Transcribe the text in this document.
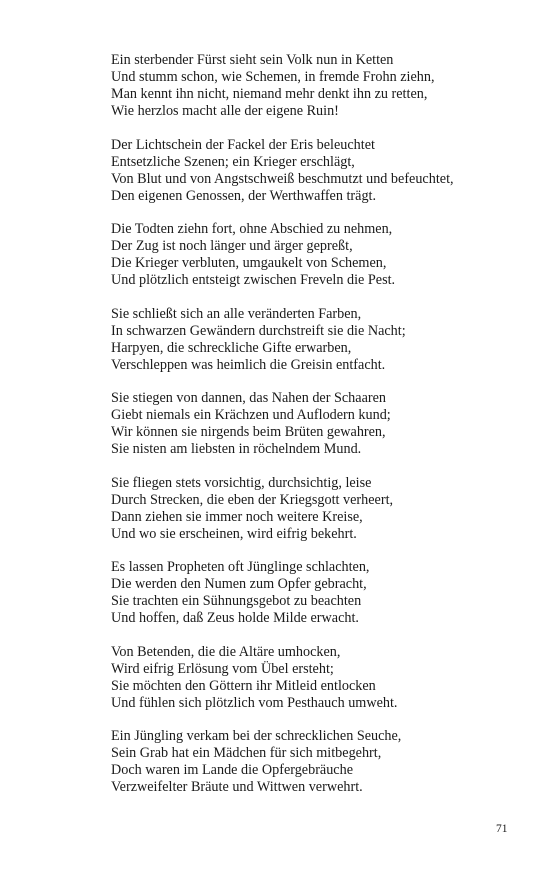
Ein sterbender Fürst sieht sein Volk nun in Ketten
Und stumm schon, wie Schemen, in fremde Frohn ziehn,
Man kennt ihn nicht, niemand mehr denkt ihn zu retten,
Wie herzlos macht alle der eigene Ruin!
Der Lichtschein der Fackel der Eris beleuchtet
Entsetzliche Szenen; ein Krieger erschlägt,
Von Blut und von Angstschweiß beschmutzt und befeuchtet,
Den eigenen Genossen, der Werthwaffen trägt.
Die Todten ziehn fort, ohne Abschied zu nehmen,
Der Zug ist noch länger und ärger gepreßt,
Die Krieger verbluten, umgaukelt von Schemen,
Und plötzlich entsteigt zwischen Freveln die Pest.
Sie schließt sich an alle veränderten Farben,
In schwarzen Gewändern durchstreift sie die Nacht;
Harpyen, die schreckliche Gifte erwarben,
Verschleppen was heimlich die Greisin entfacht.
Sie stiegen von dannen, das Nahen der Schaaren
Giebt niemals ein Krächzen und Auflodern kund;
Wir können sie nirgends beim Brüten gewahren,
Sie nisten am liebsten in röchelndem Mund.
Sie fliegen stets vorsichtig, durchsichtig, leise
Durch Strecken, die eben der Kriegsgott verheert,
Dann ziehen sie immer noch weitere Kreise,
Und wo sie erscheinen, wird eifrig bekehrt.
Es lassen Propheten oft Jünglinge schlachten,
Die werden den Numen zum Opfer gebracht,
Sie trachten ein Sühnungsgebot zu beachten
Und hoffen, daß Zeus holde Milde erwacht.
Von Betenden, die die Altäre umhocken,
Wird eifrig Erlösung vom Übel ersteht;
Sie möchten den Göttern ihr Mitleid entlocken
Und fühlen sich plötzlich vom Pesthauch umweht.
Ein Jüngling verkam bei der schrecklichen Seuche,
Sein Grab hat ein Mädchen für sich mitbegehrt,
Doch waren im Lande die Opfergebräuche
Verzweifelter Bräute und Wittwen verwehrt.
71
